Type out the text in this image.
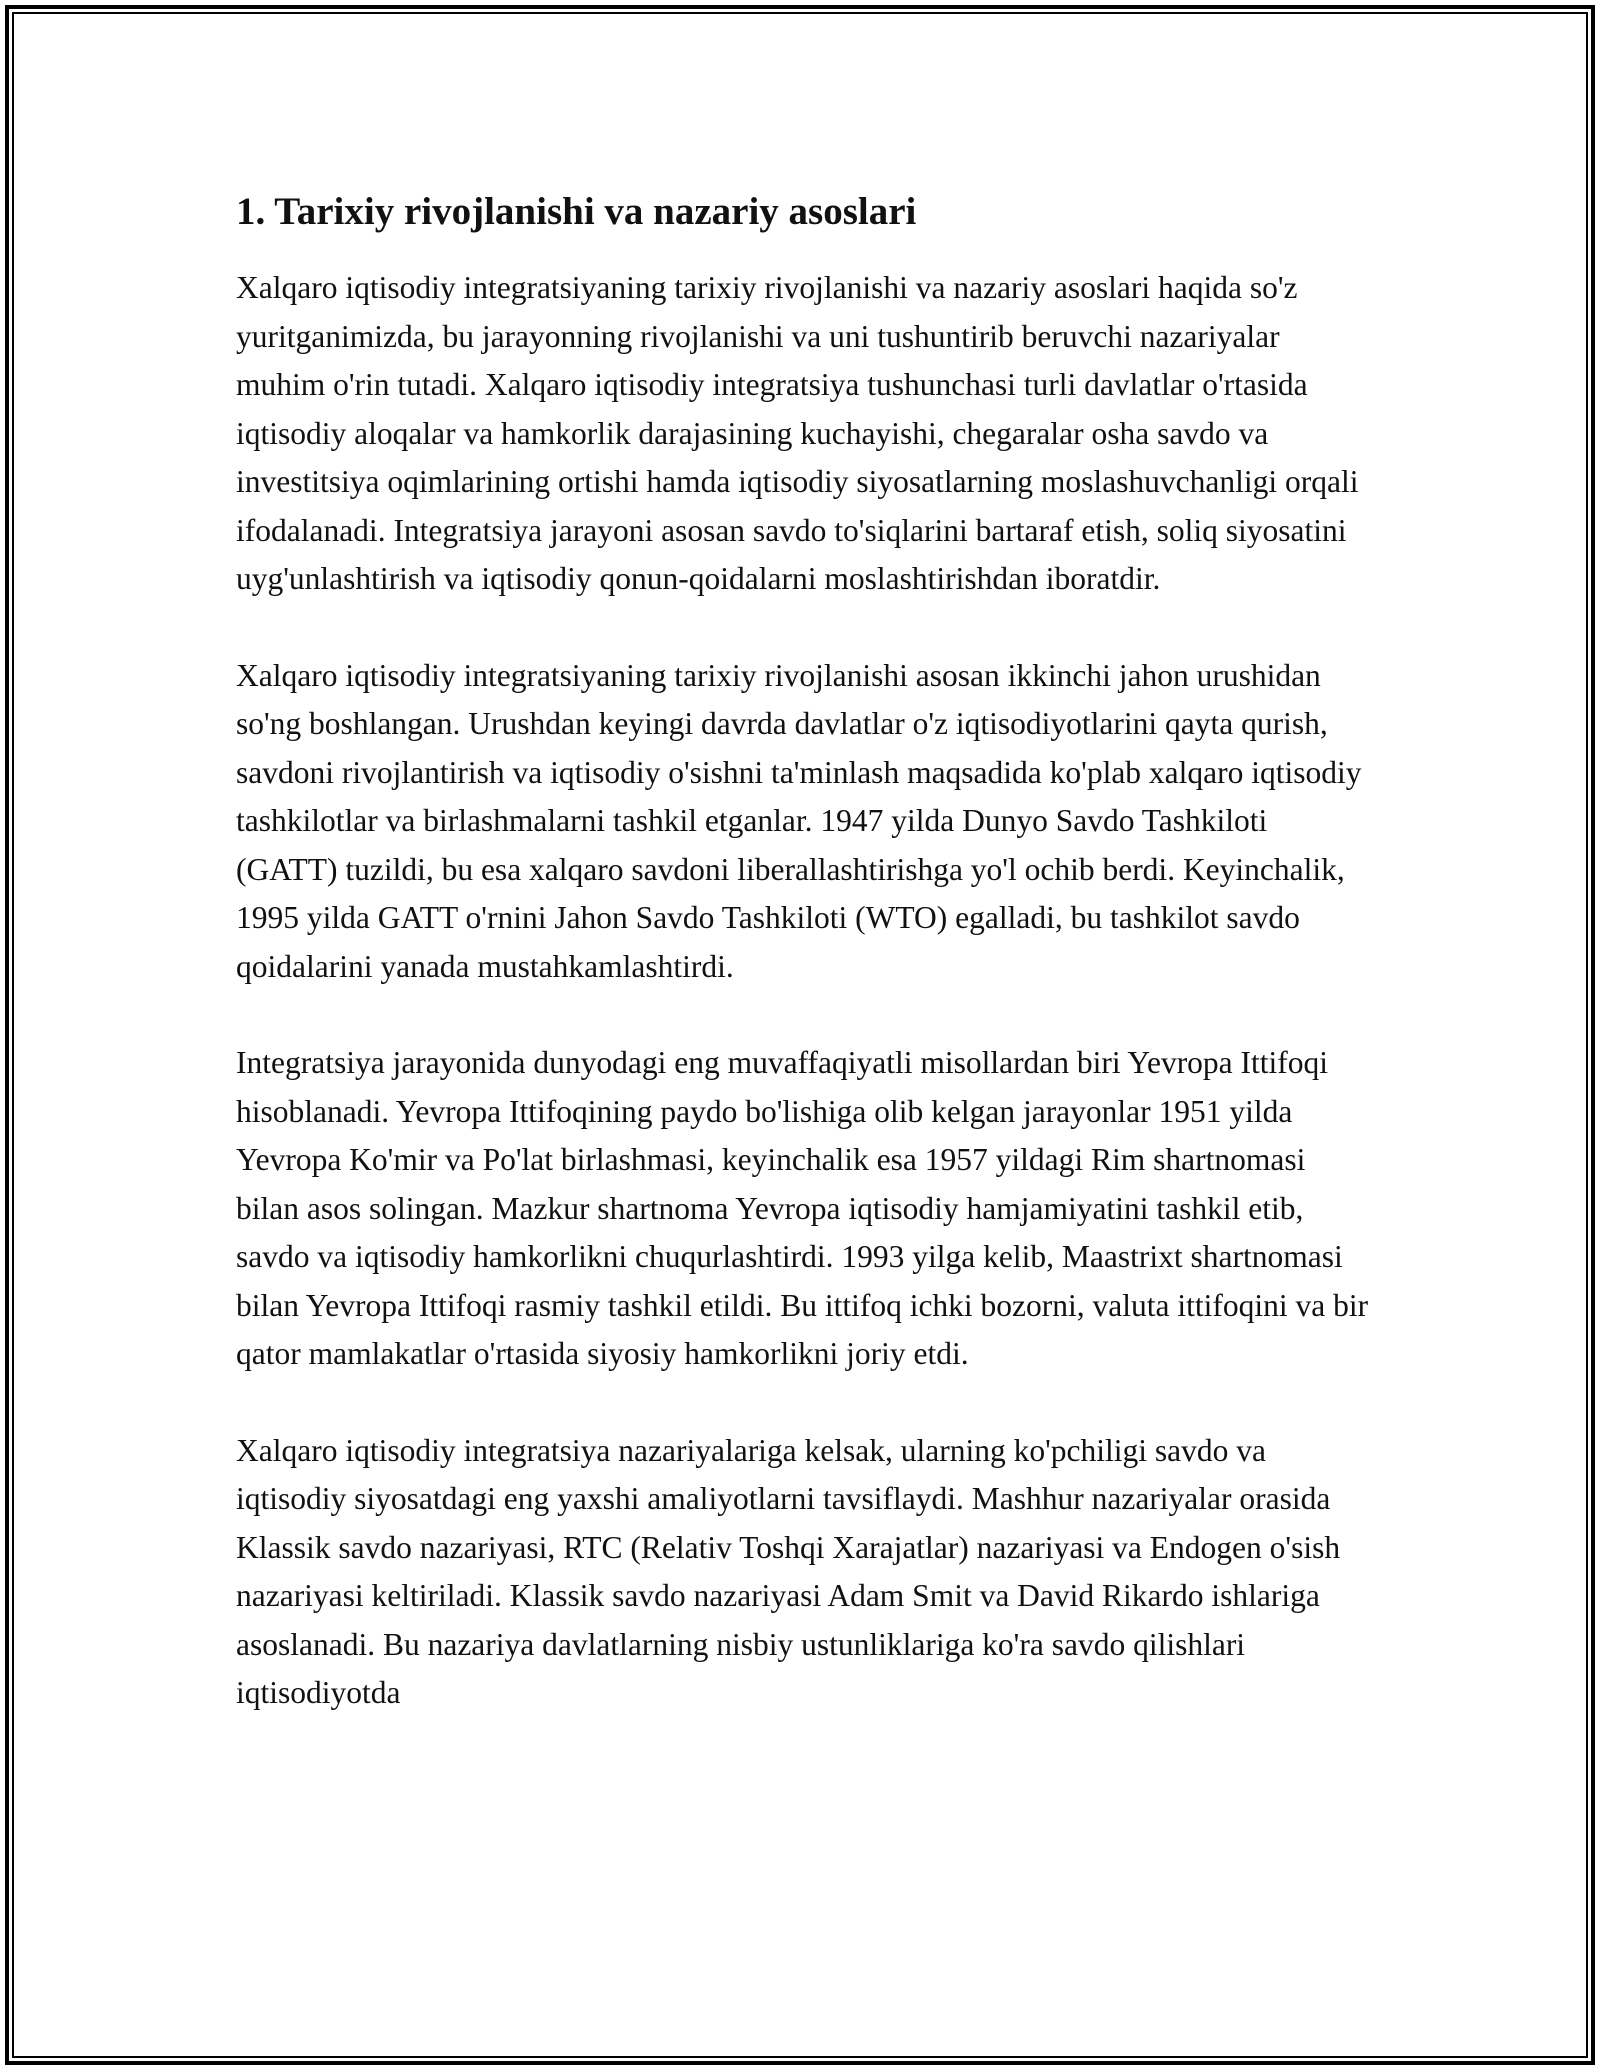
1. Tarixiy rivojlanishi va nazariy asoslari

Xalqaro iqtisodiy integratsiyaning tarixiy rivojlanishi va nazariy asoslari haqida so'z yuritganimizda, bu jarayonning rivojlanishi va uni tushuntirib beruvchi nazariyalar muhim o'rin tutadi. Xalqaro iqtisodiy integratsiya tushunchasi turli davlatlar o'rtasida iqtisodiy aloqalar va hamkorlik darajasining kuchayishi, chegaralar osha savdo va investitsiya oqimlarining ortishi hamda iqtisodiy siyosatlarning moslashuvchanligi orqali ifodalanadi. Integratsiya jarayoni asosan savdo to'siqlarini bartaraf etish, soliq siyosatini uyg'unlashtirish va iqtisodiy qonun-qoidalarni moslashtirishdan iboratdir.

Xalqaro iqtisodiy integratsiyaning tarixiy rivojlanishi asosan ikkinchi jahon urushidan so'ng boshlangan. Urushdan keyingi davrda davlatlar o'z iqtisodiyotlarini qayta qurish, savdoni rivojlantirish va iqtisodiy o'sishni ta'minlash maqsadida ko'plab xalqaro iqtisodiy tashkilotlar va birlashmalarni tashkil etganlar. 1947 yilda Dunyo Savdo Tashkiloti (GATT) tuzildi, bu esa xalqaro savdoni liberallashtirishga yo'l ochib berdi. Keyinchalik, 1995 yilda GATT o'rnini Jahon Savdo Tashkiloti (WTO) egalladi, bu tashkilot savdo qoidalarini yanada mustahkamlashtirdi.

Integratsiya jarayonida dunyodagi eng muvaffaqiyatli misollardan biri Yevropa Ittifoqi hisoblanadi. Yevropa Ittifoqining paydo bo'lishiga olib kelgan jarayonlar 1951 yilda Yevropa Ko'mir va Po'lat birlashmasi, keyinchalik esa 1957 yildagi Rim shartnomasi bilan asos solingan. Mazkur shartnoma Yevropa iqtisodiy hamjamiyatini tashkil etib, savdo va iqtisodiy hamkorlikni chuqurlashtirdi. 1993 yilga kelib, Maastrixt shartnomasi bilan Yevropa Ittifoqi rasmiy tashkil etildi. Bu ittifoq ichki bozorni, valuta ittifoqini va bir qator mamlakatlar o'rtasida siyosiy hamkorlikni joriy etdi.

Xalqaro iqtisodiy integratsiya nazariyalariga kelsak, ularning ko'pchiligi savdo va iqtisodiy siyosatdagi eng yaxshi amaliyotlarni tavsiflaydi. Mashhur nazariyalar orasida Klassik savdo nazariyasi, RTC (Relativ Toshqi Xarajatlar) nazariyasi va Endogen o'sish nazariyasi keltiriladi. Klassik savdo nazariyasi Adam Smit va David Rikardo ishlariga asoslanadi. Bu nazariya davlatlarning nisbiy ustunliklariga ko'ra savdo qilishlari iqtisodiyotda
